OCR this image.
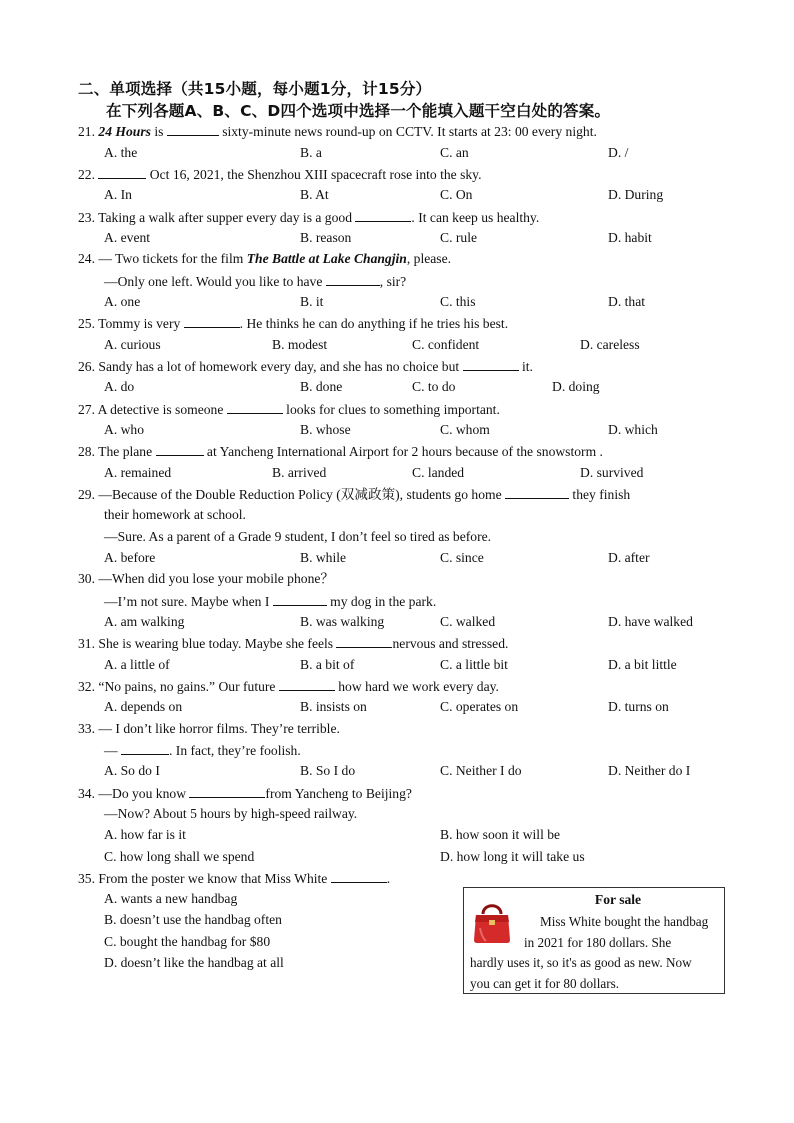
二、单项选择（共15小题，每小题1分，计15分）
在下列各题A、B、C、D四个选项中选择一个能填入题干空白处的答案。
21. 24 Hours is	sixty-minute news round-up on CCTV. It starts at 23: 00 every night.
A. the	B. a	C. an	D. /
22.	Oct 16, 2021, the Shenzhou XIII spacecraft rose into the sky.
A. In	B. At	C. On	D. During
23. Taking a walk after supper every day is a good	. It can keep us healthy.
A. event	B. reason	C. rule	D. habit
24. — Two tickets for the film The Battle at Lake Changjin, please.
—Only one left. Would you like to have	, sir?
A. one	B. it	C. this	D. that
25. Tommy is very	. He thinks he can do anything if he tries his best.
A. curious	B. modest	C. confident	D. careless
26. Sandy has a lot of homework every day, and she has no choice but	it.
A. do	B. done	C. to do	D. doing
27. A detective is someone	looks for clues to something important.
A. who	B. whose	C. whom	D. which
28. The plane	at Yancheng International Airport for 2 hours because of the snowstorm .
A. remained	B. arrived	C. landed	D. survived
29. —Because of the Double Reduction Policy (双减政策), students go home	they finish
their homework at school.
—Sure. As a parent of a Grade 9 student, I don’t feel so tired as before.
A. before	B. while	C. since	D. after
30. —When did you lose your mobile phone？
—I’m not sure. Maybe when I	my dog in the park.
A. am walking	B. was walking	C. walked	D. have walked
31. She is wearing blue today. Maybe she feels	nervous and stressed.
A. a little of	B. a bit of	C. a little bit	D. a bit little
32. “No pains, no gains.” Our future	how hard we work every day.
A. depends on	B. insists on	C. operates on	D. turns on
33. — I don’t like horror films. They’re terrible.
—	. In fact, they’re foolish.
A. So do I	B. So I do	C. Neither I do	D. Neither do I
34. —Do you know	from Yancheng to Beijing?
—Now? About 5 hours by high-speed railway.
A. how far is it	B. how soon it will be
C. how long shall we spend	D. how long it will take us
35. From the poster we know that Miss White	.
A. wants a new handbag
B. doesn’t use the handbag often
C. bought the handbag for $80
D. doesn’t like the handbag at all
For sale
Miss White bought the handbag
in 2021 for 180 dollars. She
hardly uses it, so it's as good as new. Now
you can get it for 80 dollars.
